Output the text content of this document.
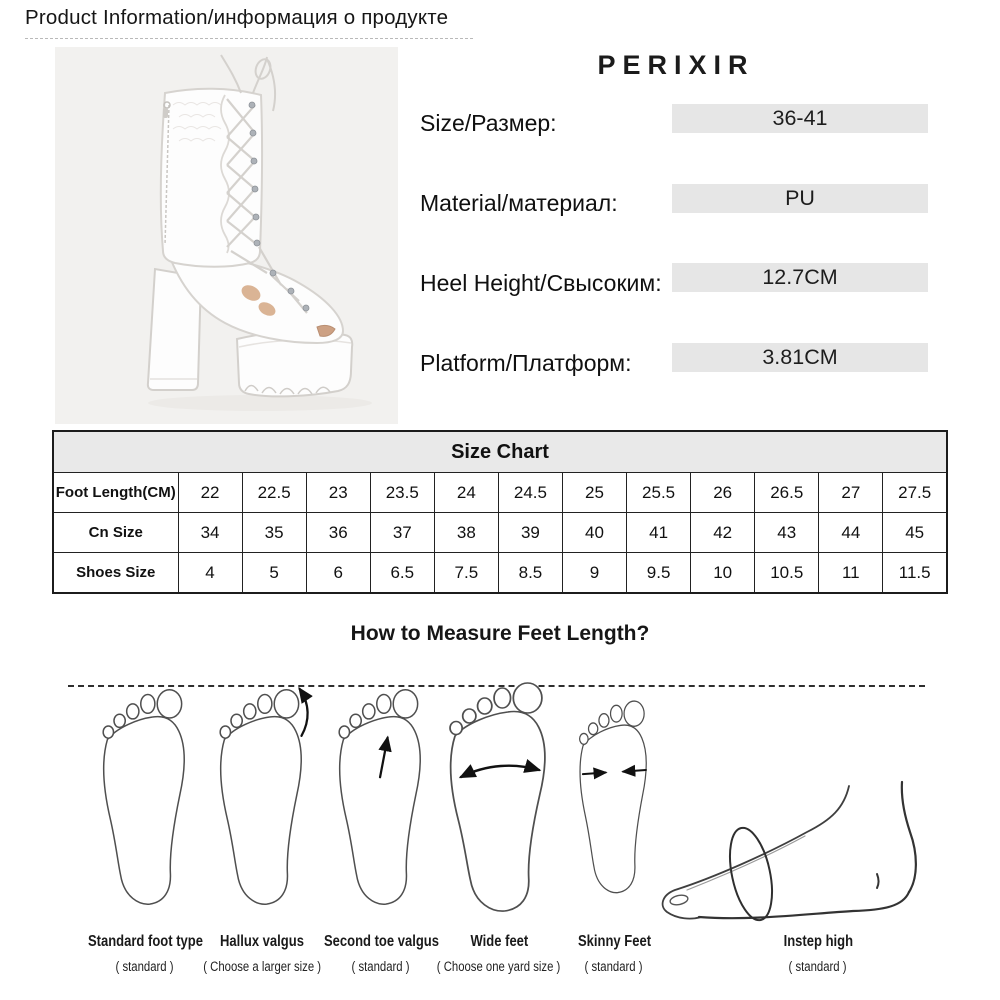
Product Information/информация о продукте
PERIXIR
Size/Размер:	36-41
Material/материал:	PU
Heel Height/Свысоким:	12.7CM
Platform/Платформ:	3.81CM
Size Chart												
Foot Length(CM)	22	22.5	23	23.5	24	24.5	25	25.5	26	26.5	27	27.5
Cn Size	34	35	36	37	38	39	40	41	42	43	44	45
Shoes Size	4	5	6	6.5	7.5	8.5	9	9.5	10	10.5	11	11.5
How to Measure Feet Length?
Standard foot type
( standard )
Hallux valgus
( Choose a larger size )
Second toe valgus
( standard )
Wide feet
( Choose one yard size )
Skinny Feet
( standard )
Instep high
( standard )
